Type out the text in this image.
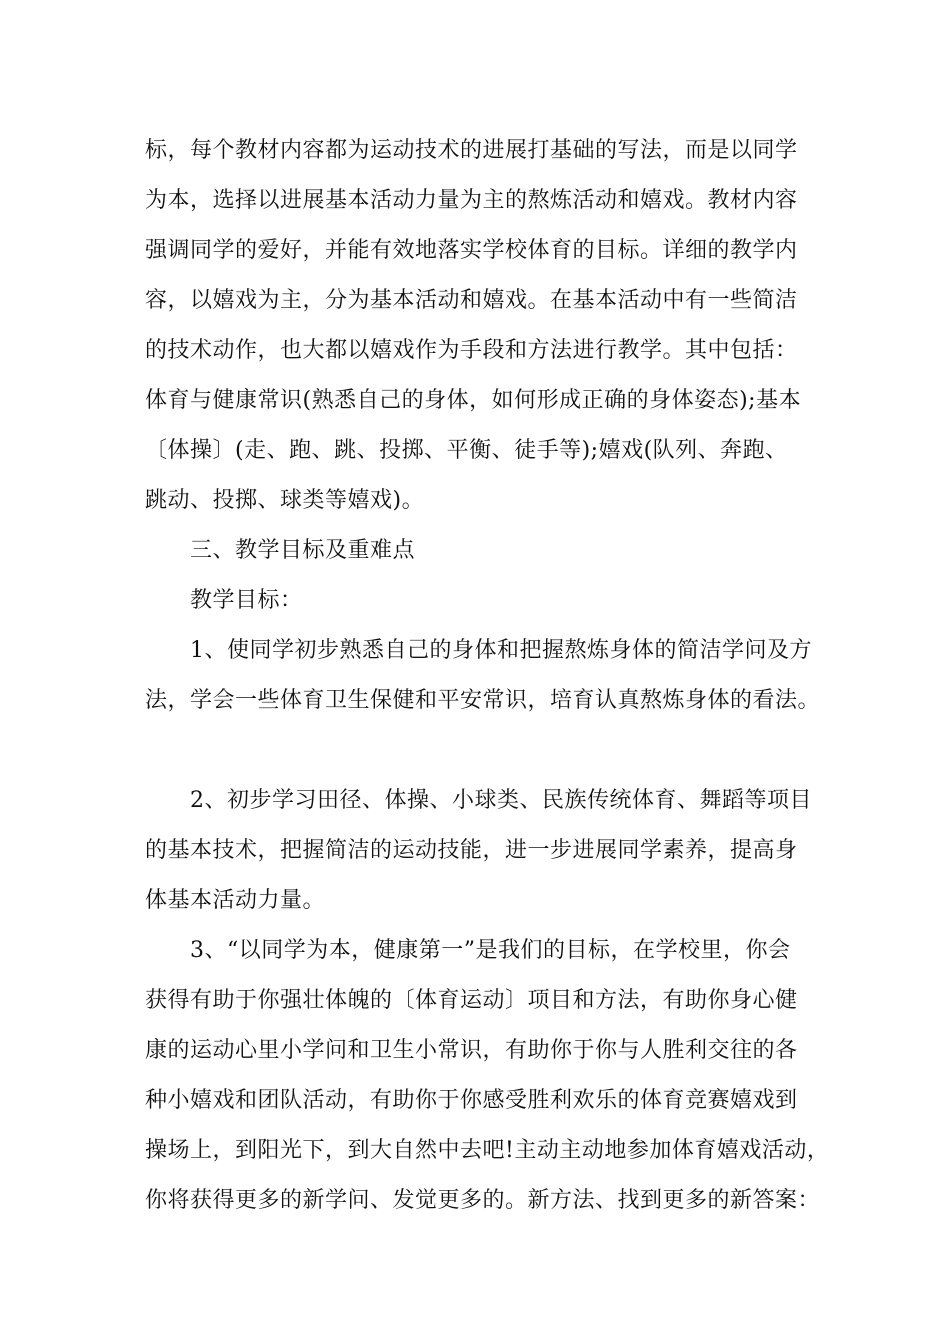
标，每个教材内容都为运动技术的进展打基础的写法，而是以同学
为本，选择以进展基本活动力量为主的熬炼活动和嬉戏。教材内容
强调同学的爱好，并能有效地落实学校体育的目标。详细的教学内
容，以嬉戏为主，分为基本活动和嬉戏。在基本活动中有一些简洁
的技术动作，也大都以嬉戏作为手段和方法进行教学。其中包括：
体育与健康常识(熟悉自己的身体，如何形成正确的身体姿态);基本
〔体操〕(走、跑、跳、投掷、平衡、徒手等);嬉戏(队列、奔跑、
跳动、投掷、球类等嬉戏)。
三、教学目标及重难点
教学目标：
1、使同学初步熟悉自己的身体和把握熬炼身体的简洁学问及方
法，学会一些体育卫生保健和平安常识，培育认真熬炼身体的看法。
2、初步学习田径、体操、小球类、民族传统体育、舞蹈等项目
的基本技术，把握简洁的运动技能，进一步进展同学素养，提高身
体基本活动力量。
3、“以同学为本，健康第一”是我们的目标，在学校里，你会
获得有助于你强壮体魄的〔体育运动〕项目和方法，有助你身心健
康的运动心里小学问和卫生小常识，有助你于你与人胜利交往的各
种小嬉戏和团队活动，有助你于你感受胜利欢乐的体育竞赛嬉戏到
操场上，到阳光下，到大自然中去吧!主动主动地参加体育嬉戏活动，
你将获得更多的新学问、发觉更多的。新方法、找到更多的新答案：
